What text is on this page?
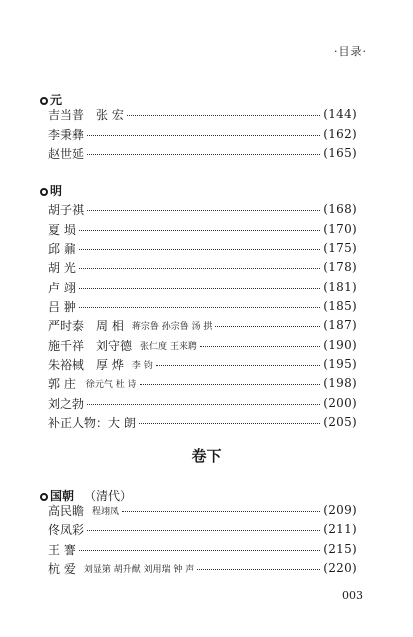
·目录·
元
吉当普 张 宏	(144)
李秉彝	(162)
赵世延	(165)
明
胡子祺	(168)
夏 埙	(170)
邱 鼐	(175)
胡 光	(178)
卢 翊	(181)
吕 翀	(185)
严时泰 周 相 蒋宗鲁 孙宗鲁 汤 拱	(187)
施千祥 刘守德 张仁度 王来聘	(190)
朱裕棫 厚 烨 李 钧	(195)
郭 庄 徐元气 杜 诗	(198)
刘之勃	(200)
补正人物：大 朗	(205)
卷下
国朝 （清代）
高民瞻 程翊凤	(209)
佟凤彩	(211)
王 謇	(215)
杭 爱 刘显第 胡升猷 刘用瑞 钟 声	(220)
003
